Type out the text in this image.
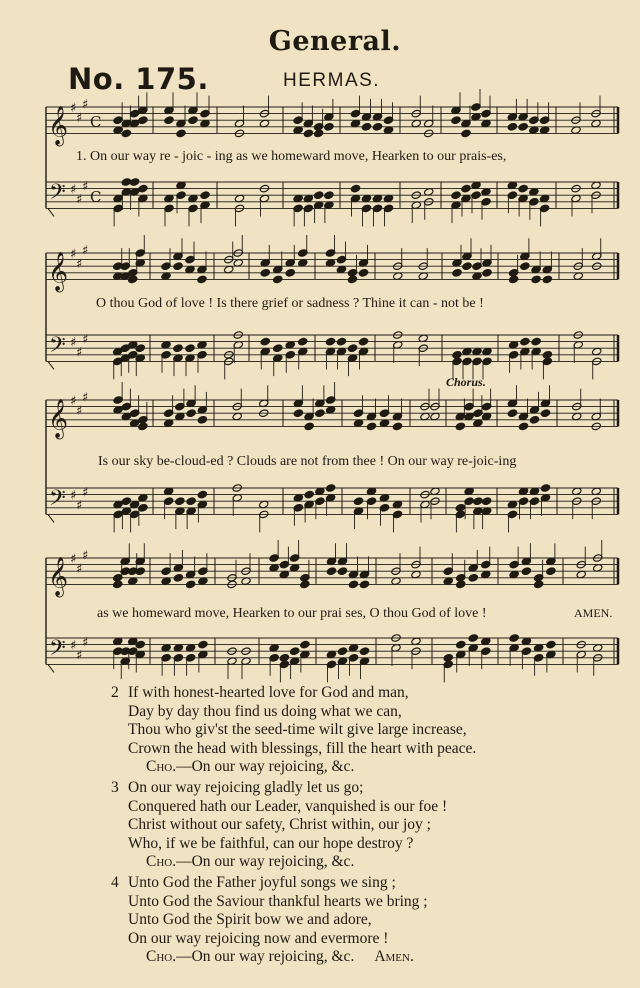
General.
No. 175.	HERMAS.
𝄞 ♯
♯
♯
C
𝄢 ♯
♯
♯
C
𝄞 ♯
♯
♯
𝄢 ♯
♯
♯
𝄞 ♯
♯
♯
𝄢 ♯
♯
♯
𝄞 ♯
♯
♯
𝄢 ♯
♯
♯
1. On our way re - joic - ing as we homeward move, Hearken to our prais-es,
O thou God of love ! Is there grief or sadness ? Thine it can - not be !
Chorus.
Is our sky be-cloud-ed ? Clouds are not from thee ! On our way re-joic-ing
as we homeward move, Hearken to our prai ses, O thou God of love !	AMEN.
2 If with honest-hearted love for God and man,
Day by day thou find us doing what we can,
Thou who giv'st the seed-time wilt give large increase,
Crown the head with blessings, fill the heart with peace.
Cho.—On our way rejoicing, &c.
3 On our way rejoicing gladly let us go;
Conquered hath our Leader, vanquished is our foe !
Christ without our safety, Christ within, our joy ;
Who, if we be faithful, can our hope destroy ?
Cho.—On our way rejoicing, &c.
4 Unto God the Father joyful songs we sing ;
Unto God the Saviour thankful hearts we bring ;
Unto God the Spirit bow we and adore,
On our way rejoicing now and evermore !
Cho.—On our way rejoicing, &c. Amen.
